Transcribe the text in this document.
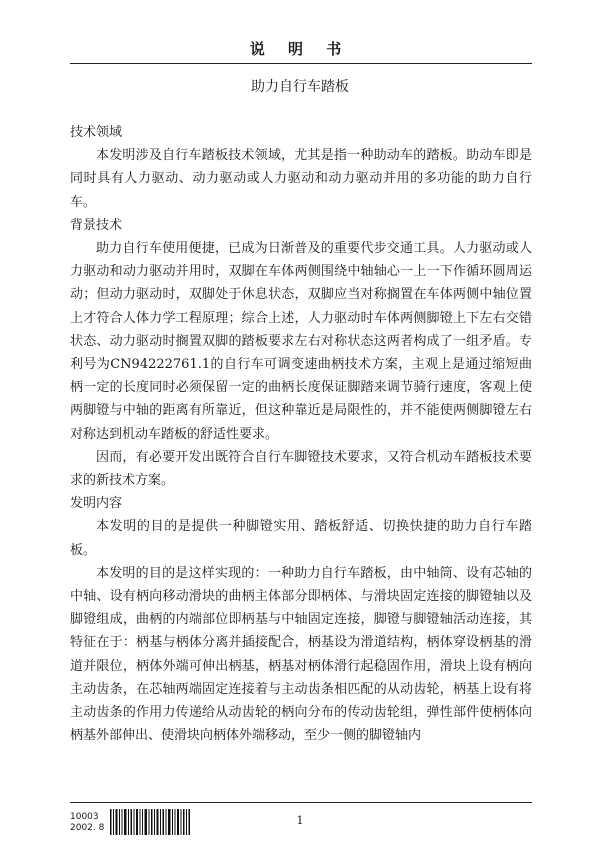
说 明 书
助力自行车踏板

技术领域

本发明涉及自行车踏板技术领域，尤其是指一种助动车的踏板。助动车即是同时具有人力驱动、动力驱动或人力驱动和动力驱动并用的多功能的助力自行车。

背景技术

助力自行车使用便捷，已成为日渐普及的重要代步交通工具。人力驱动或人力驱动和动力驱动并用时，双脚在车体两侧围绕中轴轴心一上一下作循环圆周运动；但动力驱动时，双脚处于休息状态，双脚应当对称搁置在车体两侧中轴位置上才符合人体力学工程原理；综合上述，人力驱动时车体两侧脚镫上下左右交错状态、动力驱动时搁置双脚的踏板要求左右对称状态这两者构成了一组矛盾。专利号为CN94222761.1的自行车可调变速曲柄技术方案，主观上是通过缩短曲柄一定的长度同时必须保留一定的曲柄长度保证脚踏来调节骑行速度，客观上使两脚镫与中轴的距离有所靠近，但这种靠近是局限性的，并不能使两侧脚镫左右对称达到机动车踏板的舒适性要求。

因而，有必要开发出既符合自行车脚镫技术要求，又符合机动车踏板技术要求的新技术方案。

发明内容

本发明的目的是提供一种脚镫实用、踏板舒适、切换快捷的助力自行车踏板。

本发明的目的是这样实现的：一种助力自行车踏板，由中轴筒、设有芯轴的中轴、设有柄向移动滑块的曲柄主体部分即柄体、与滑块固定连接的脚镫轴以及脚镫组成，曲柄的内端部位即柄基与中轴固定连接，脚镫与脚镫轴活动连接，其特征在于：柄基与柄体分离并插接配合，柄基设为滑道结构，柄体穿设柄基的滑道并限位，柄体外端可伸出柄基，柄基对柄体滑行起稳固作用，滑块上设有柄向主动齿条，在芯轴两端固定连接着与主动齿条相匹配的从动齿轮，柄基上设有将主动齿条的作用力传递给从动齿轮的柄向分布的传动齿轮组，弹性部件使柄体向柄基外部伸出、使滑块向柄体外端移动，至少一侧的脚镫轴内

10003
2002. 8
1
